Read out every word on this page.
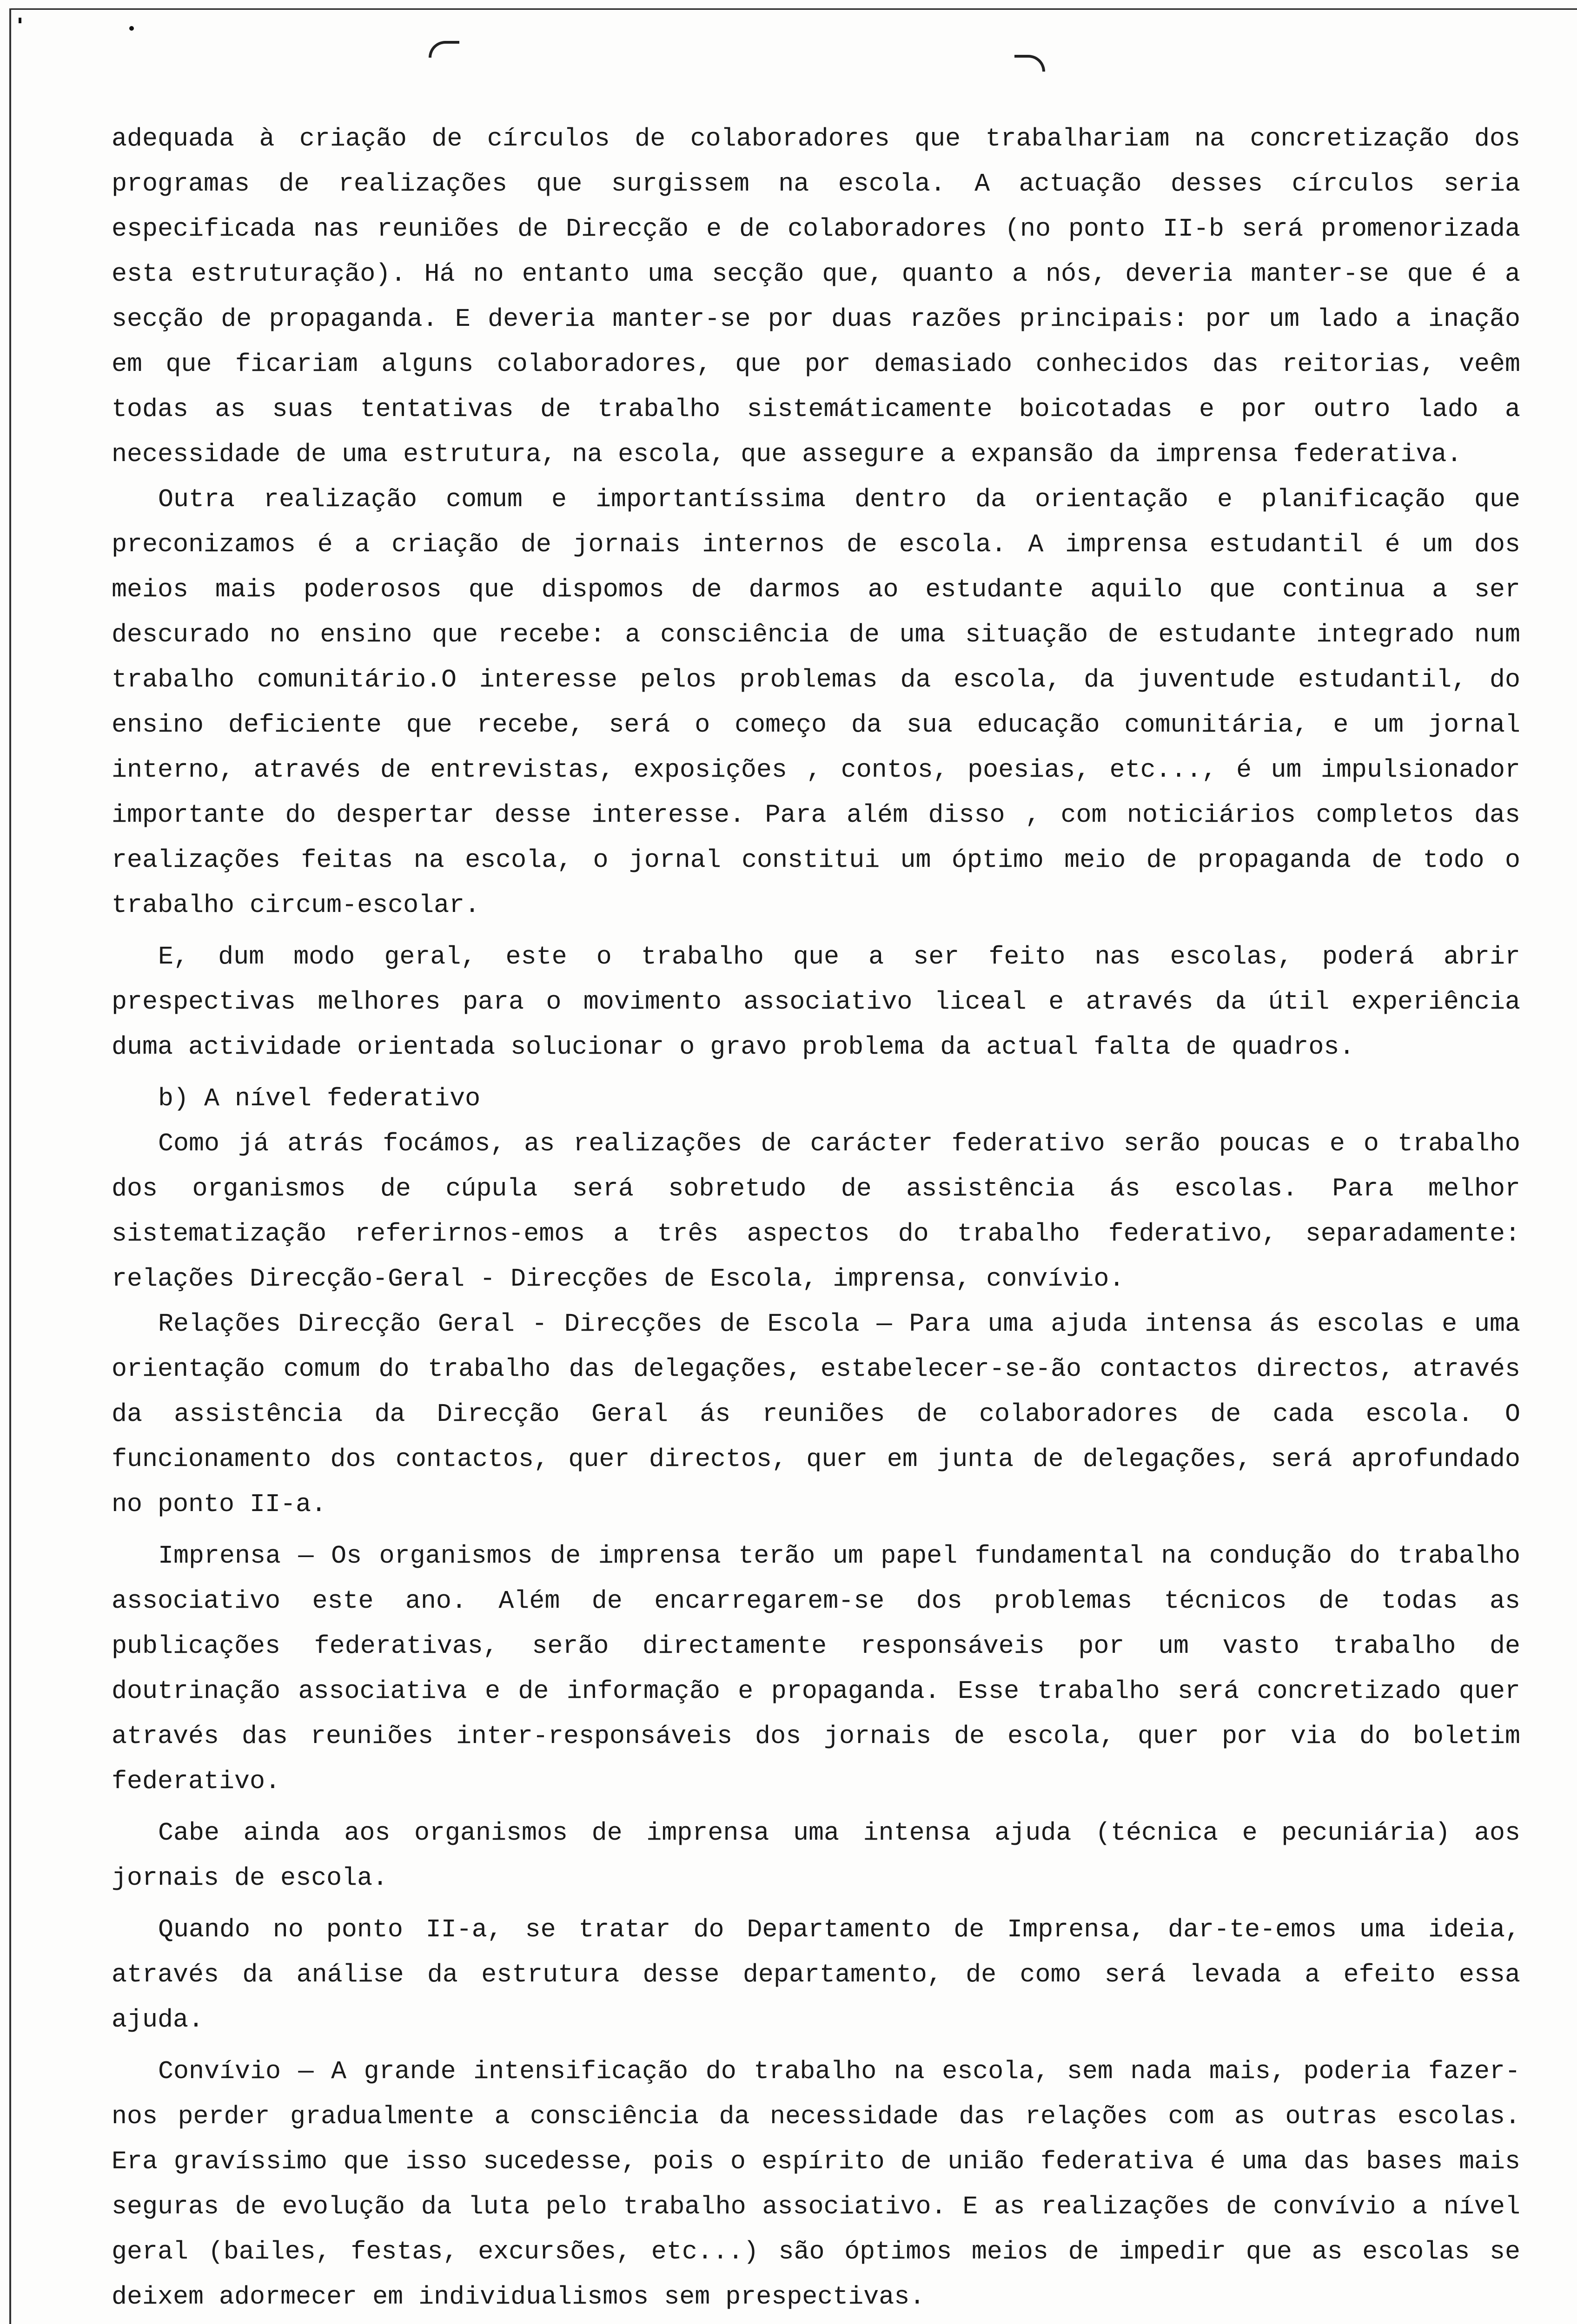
adequada à criação de círculos de colaboradores que trabalhariam na concretização dos programas de realizações que surgissem na escola. A actuação desses círculos seria especificada nas reuniões de Direcção e de colaboradores (no ponto II-b será promenorizada esta estruturação). Há no entanto uma secção que, quanto a nós, deveria manter-se que é a secção de propaganda. E deveria manter-se por duas razões principais: por um lado a inação em que ficariam alguns colaboradores, que por demasiado conhecidos das reitorias, veêm todas as suas tentativas de trabalho sistemáticamente boicotadas e por outro lado a necessidade de uma estrutura, na escola, que assegure a expansão da imprensa federativa.

Outra realização comum e importantíssima dentro da orientação e planificação que preconizamos é a criação de jornais internos de escola. A imprensa estudantil é um dos meios mais poderosos que dispomos de darmos ao estudante aquilo que continua a ser descurado no ensino que recebe: a consciência de uma situação de estudante integrado num trabalho comunitário.O interesse pelos problemas da escola, da juventude estudantil, do ensino deficiente que recebe, será o começo da sua educação comunitária, e um jornal interno, através de entrevistas, exposições , contos, poesias, etc..., é um impulsionador importante do despertar desse interesse. Para além disso , com noticiários completos das realizações feitas na escola, o jornal constitui um óptimo meio de propaganda de todo o trabalho circum-escolar.

E, dum modo geral, este o trabalho que a ser feito nas escolas, poderá abrir prespectivas melhores para o movimento associativo liceal e através da útil experiência duma actividade orientada solucionar o gravo problema da actual falta de quadros.

b) A nível federativo

Como já atrás focámos, as realizações de carácter federativo serão poucas e o trabalho dos organismos de cúpula será sobretudo de assistência ás escolas. Para melhor sistematização referirnos-emos a três aspectos do trabalho federativo, separadamente: relações Direcção-Geral - Direcções de Escola, imprensa, convívio.

Relações Direcção Geral - Direcções de Escola — Para uma ajuda intensa ás escolas e uma orientação comum do trabalho das delegações, estabelecer-se-ão contactos directos, através da assistência da Direcção Geral ás reuniões de colaboradores de cada escola. O funcionamento dos contactos, quer directos, quer em junta de delegações, será aprofundado no ponto II-a.

Imprensa — Os organismos de imprensa terão um papel fundamental na condução do trabalho associativo este ano. Além de encarregarem-se dos problemas técnicos de todas as publicações federativas, serão directamente responsáveis por um vasto trabalho de doutrinação associativa e de informação e propaganda. Esse trabalho será concretizado quer através das reuniões inter-responsáveis dos jornais de escola, quer por via do boletim federativo.

Cabe ainda aos organismos de imprensa uma intensa ajuda (técnica e pecuniária) aos jornais de escola.

Quando no ponto II-a, se tratar do Departamento de Imprensa, dar-te-emos uma ideia, através da análise da estrutura desse departamento, de como será levada a efeito essa ajuda.

Convívio — A grande intensificação do trabalho na escola, sem nada mais, poderia fazer-nos perder gradualmente a consciência da necessidade das relações com as outras escolas. Era gravíssimo que isso sucedesse, pois o espírito de união federativa é uma das bases mais seguras de evolução da luta pelo trabalho associativo. E as realizações de convívio a nível geral (bailes, festas, excursões, etc...) são óptimos meios de impedir que as escolas se deixem adormecer em individualismos sem prespectivas.
